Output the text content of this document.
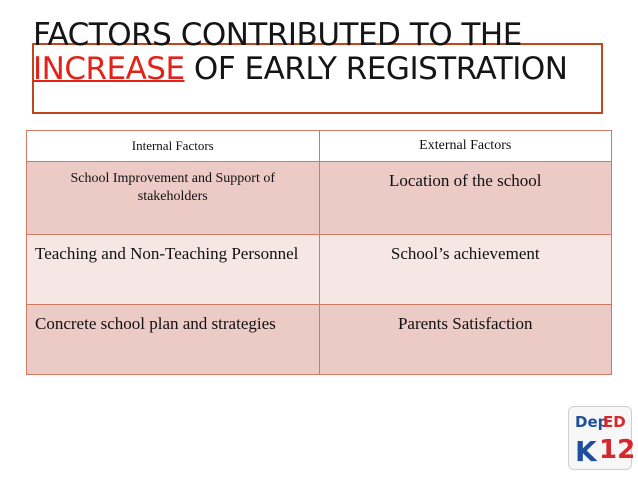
FACTORS CONTRIBUTED TO THE INCREASE OF EARLY REGISTRATION
Internal Factors	External Factors
School Improvement and Support of stakeholders	Location of the school
Teaching and Non-Teaching Personnel	School’s achievement
Concrete school plan and strategies	Parents Satisfaction
Dep
ED
K 12
